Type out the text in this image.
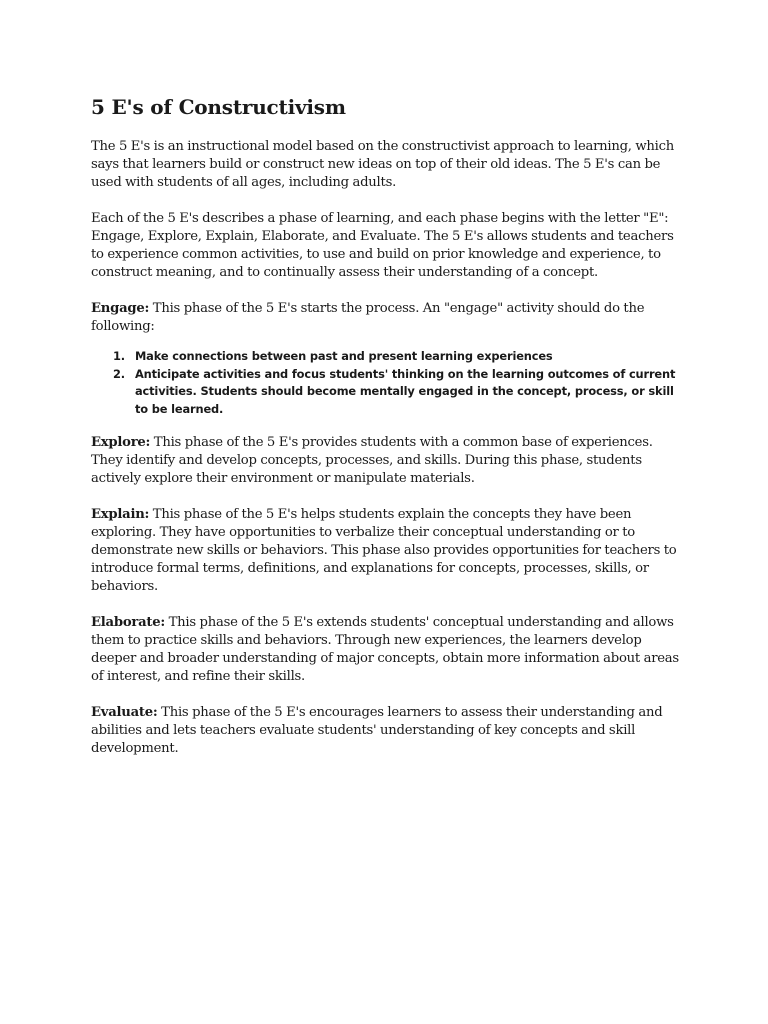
5 E's of Constructivism

The 5 E's is an instructional model based on the constructivist approach to learning, which says that learners build or construct new ideas on top of their old ideas. The 5 E's can be used with students of all ages, including adults.

Each of the 5 E's describes a phase of learning, and each phase begins with the letter "E": Engage, Explore, Explain, Elaborate, and Evaluate. The 5 E's allows students and teachers to experience common activities, to use and build on prior knowledge and experience, to construct meaning, and to continually assess their understanding of a concept.

Engage: This phase of the 5 E's starts the process. An "engage" activity should do the following:

1. Make connections between past and present learning experiences
2. Anticipate activities and focus students' thinking on the learning outcomes of current activities. Students should become mentally engaged in the concept, process, or skill to be learned.

Explore: This phase of the 5 E's provides students with a common base of experiences. They identify and develop concepts, processes, and skills. During this phase, students actively explore their environment or manipulate materials.

Explain: This phase of the 5 E's helps students explain the concepts they have been exploring. They have opportunities to verbalize their conceptual understanding or to demonstrate new skills or behaviors. This phase also provides opportunities for teachers to introduce formal terms, definitions, and explanations for concepts, processes, skills, or behaviors.

Elaborate: This phase of the 5 E's extends students' conceptual understanding and allows them to practice skills and behaviors. Through new experiences, the learners develop deeper and broader understanding of major concepts, obtain more information about areas of interest, and refine their skills.

Evaluate: This phase of the 5 E's encourages learners to assess their understanding and abilities and lets teachers evaluate students' understanding of key concepts and skill development.
